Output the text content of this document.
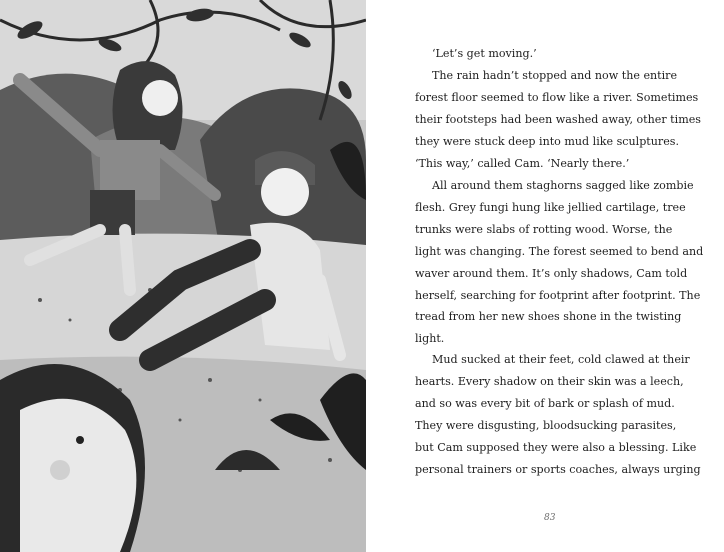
‘Let’s get moving.’

The rain hadn’t stopped and now the entire
forest floor seemed to flow like a river. Sometimes
their footsteps had been washed away, other times
they were stuck deep into mud like sculptures.
‘This way,’ called Cam. ‘Nearly there.’

All around them staghorns sagged like zombie
flesh. Grey fungi hung like jellied cartilage, tree
trunks were slabs of rotting wood. Worse, the
light was changing. The forest seemed to bend and
waver around them. It’s only shadows, Cam told
herself, searching for footprint after footprint. The
tread from her new shoes shone in the twisting
light.

Mud sucked at their feet, cold clawed at their
hearts. Every shadow on their skin was a leech,
and so was every bit of bark or splash of mud.
They were disgusting, bloodsucking parasites,
but Cam supposed they were also a blessing. Like
personal trainers or sports coaches, always urging

83
